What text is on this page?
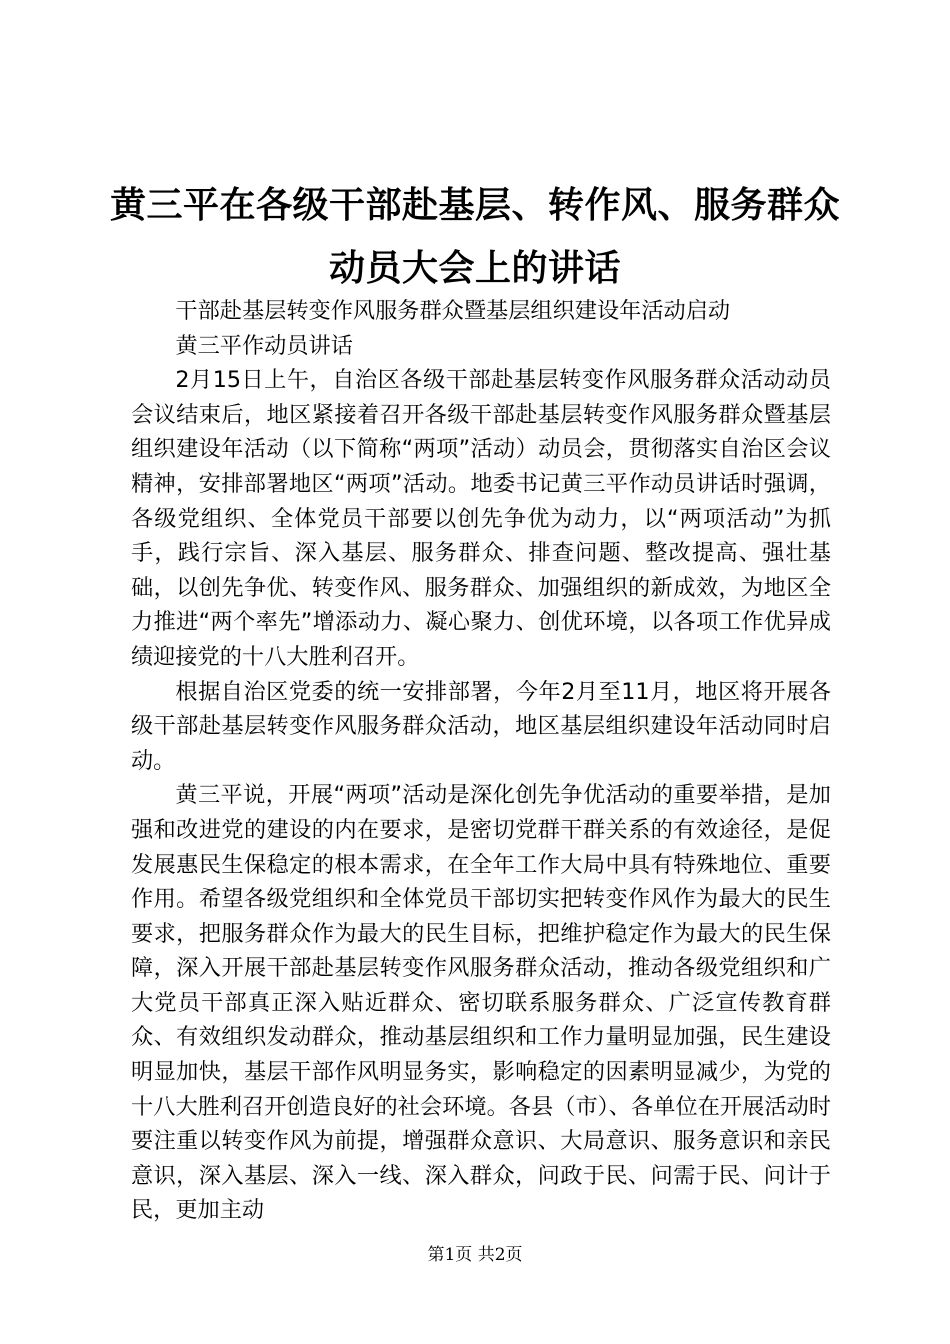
黄三平在各级干部赴基层、转作风、服务群众
动员大会上的讲话

干部赴基层转变作风服务群众暨基层组织建设年活动启动

黄三平作动员讲话

2月15日上午，自治区各级干部赴基层转变作风服务群众活动动员会议结束后，地区紧接着召开各级干部赴基层转变作风服务群众暨基层组织建设年活动（以下简称“两项”活动）动员会，贯彻落实自治区会议精神，安排部署地区“两项”活动。地委书记黄三平作动员讲话时强调，各级党组织、全体党员干部要以创先争优为动力，以“两项活动”为抓手，践行宗旨、深入基层、服务群众、排查问题、整改提高、强壮基础，以创先争优、转变作风、服务群众、加强组织的新成效，为地区全力推进“两个率先”增添动力、凝心聚力、创优环境，以各项工作优异成绩迎接党的十八大胜利召开。

根据自治区党委的统一安排部署，今年2月至11月，地区将开展各级干部赴基层转变作风服务群众活动，地区基层组织建设年活动同时启动。

黄三平说，开展“两项”活动是深化创先争优活动的重要举措，是加强和改进党的建设的内在要求，是密切党群干群关系的有效途径，是促发展惠民生保稳定的根本需求，在全年工作大局中具有特殊地位、重要作用。希望各级党组织和全体党员干部切实把转变作风作为最大的民生要求，把服务群众作为最大的民生目标，把维护稳定作为最大的民生保障，深入开展干部赴基层转变作风服务群众活动，推动各级党组织和广大党员干部真正深入贴近群众、密切联系服务群众、广泛宣传教育群众、有效组织发动群众，推动基层组织和工作力量明显加强，民生建设明显加快，基层干部作风明显务实，影响稳定的因素明显减少，为党的十八大胜利召开创造良好的社会环境。各县（市）、各单位在开展活动时要注重以转变作风为前提，增强群众意识、大局意识、服务意识和亲民意识，深入基层、深入一线、深入群众，问政于民、问需于民、问计于民，更加主动

第1页 共2页
